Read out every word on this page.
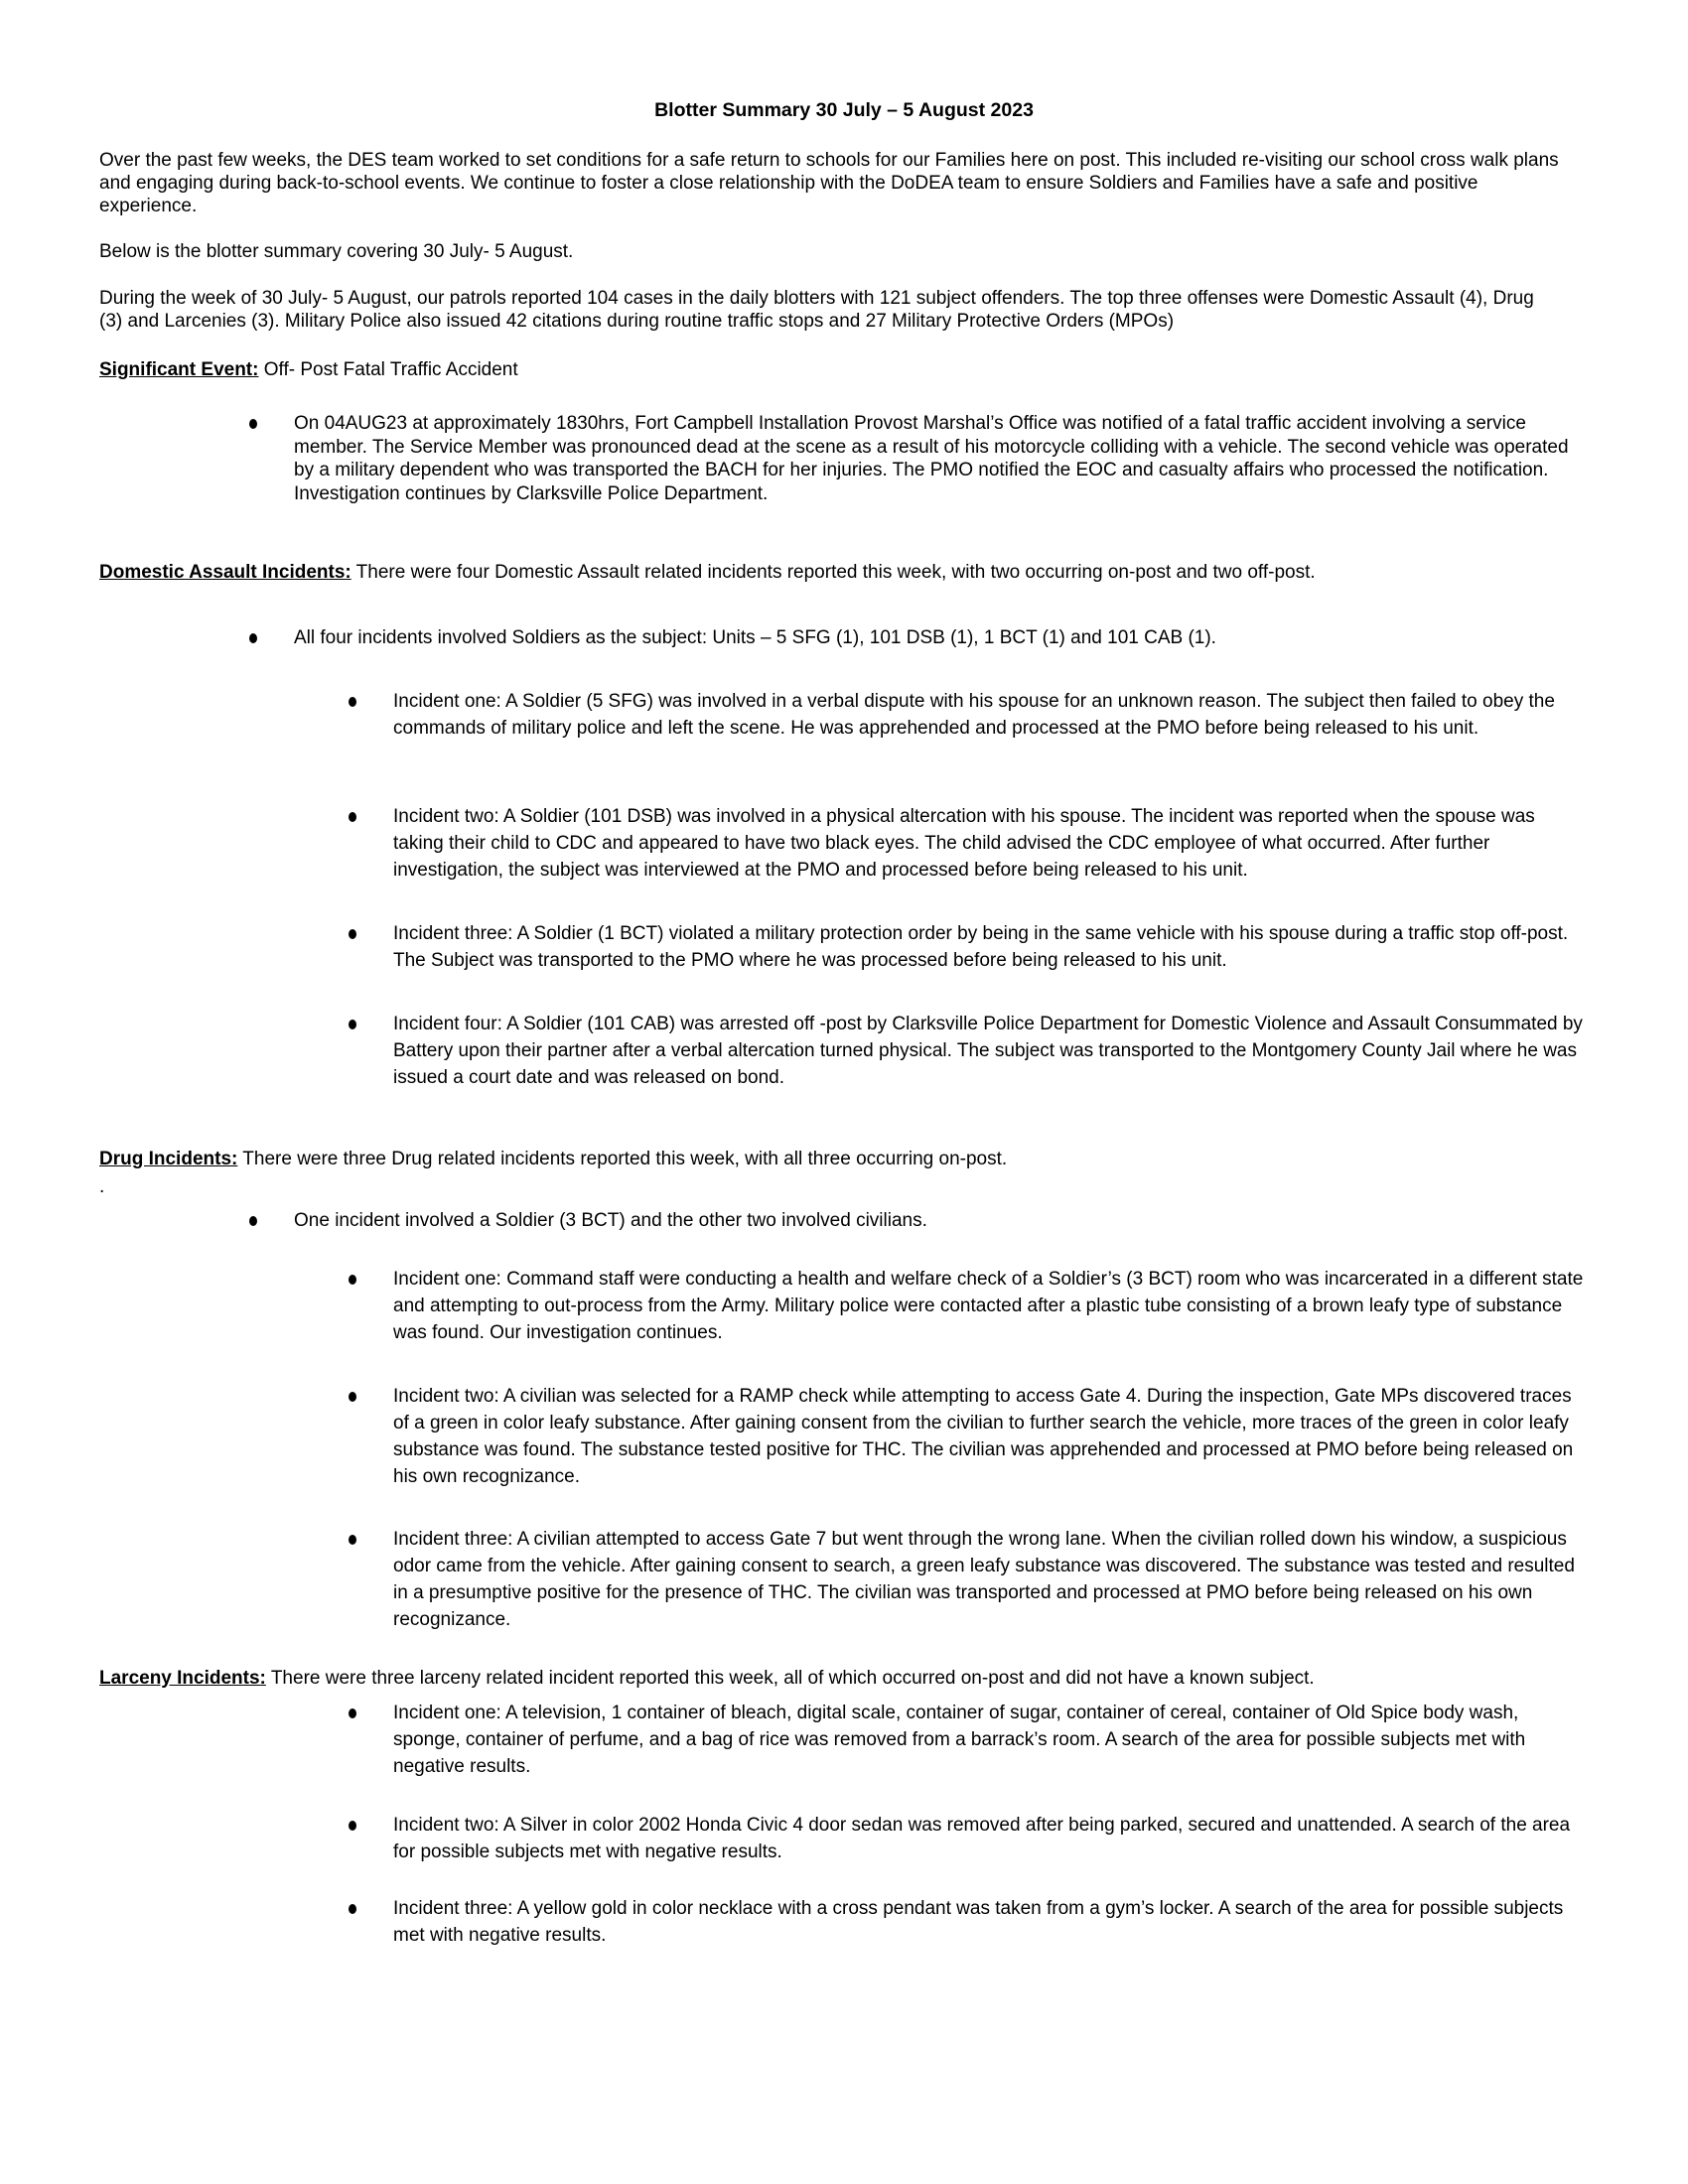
Blotter Summary 30 July – 5 August 2023

Over the past few weeks, the DES team worked to set conditions for a safe return to schools for our Families here on post. This included re-visiting our school cross walk plans and engaging during back-to-school events. We continue to foster a close relationship with the DoDEA team to ensure Soldiers and Families have a safe and positive experience.

Below is the blotter summary covering 30 July- 5 August.

During the week of 30 July- 5 August, our patrols reported 104 cases in the daily blotters with 121 subject offenders. The top three offenses were Domestic Assault (4), Drug (3) and Larcenies (3). Military Police also issued 42 citations during routine traffic stops and 27 Military Protective Orders (MPOs)

Significant Event: Off- Post Fatal Traffic Accident

On 04AUG23 at approximately 1830hrs, Fort Campbell Installation Provost Marshal’s Office was notified of a fatal traffic accident involving a service member. The Service Member was pronounced dead at the scene as a result of his motorcycle colliding with a vehicle. The second vehicle was operated by a military dependent who was transported the BACH for her injuries. The PMO notified the EOC and casualty affairs who processed the notification. Investigation continues by Clarksville Police Department.

Domestic Assault Incidents: There were four Domestic Assault related incidents reported this week, with two occurring on-post and two off-post.

All four incidents involved Soldiers as the subject: Units – 5 SFG (1), 101 DSB (1), 1 BCT (1) and 101 CAB (1).
Incident one: A Soldier (5 SFG) was involved in a verbal dispute with his spouse for an unknown reason. The subject then failed to obey the commands of military police and left the scene. He was apprehended and processed at the PMO before being released to his unit.
Incident two: A Soldier (101 DSB) was involved in a physical altercation with his spouse. The incident was reported when the spouse was taking their child to CDC and appeared to have two black eyes. The child advised the CDC employee of what occurred. After further investigation, the subject was interviewed at the PMO and processed before being released to his unit.
Incident three: A Soldier (1 BCT) violated a military protection order by being in the same vehicle with his spouse during a traffic stop off-post. The Subject was transported to the PMO where he was processed before being released to his unit.
Incident four: A Soldier (101 CAB) was arrested off -post by Clarksville Police Department for Domestic Violence and Assault Consummated by Battery upon their partner after a verbal altercation turned physical. The subject was transported to the Montgomery County Jail where he was issued a court date and was released on bond.

Drug Incidents: There were three Drug related incidents reported this week, with all three occurring on-post.

.

One incident involved a Soldier (3 BCT) and the other two involved civilians.
Incident one: Command staff were conducting a health and welfare check of a Soldier’s (3 BCT) room who was incarcerated in a different state and attempting to out-process from the Army. Military police were contacted after a plastic tube consisting of a brown leafy type of substance was found. Our investigation continues.
Incident two: A civilian was selected for a RAMP check while attempting to access Gate 4. During the inspection, Gate MPs discovered traces of a green in color leafy substance. After gaining consent from the civilian to further search the vehicle, more traces of the green in color leafy substance was found. The substance tested positive for THC. The civilian was apprehended and processed at PMO before being released on his own recognizance.
Incident three: A civilian attempted to access Gate 7 but went through the wrong lane. When the civilian rolled down his window, a suspicious odor came from the vehicle. After gaining consent to search, a green leafy substance was discovered. The substance was tested and resulted in a presumptive positive for the presence of THC. The civilian was transported and processed at PMO before being released on his own recognizance.

Larceny Incidents: There were three larceny related incident reported this week, all of which occurred on-post and did not have a known subject.

Incident one: A television, 1 container of bleach, digital scale, container of sugar, container of cereal, container of Old Spice body wash, sponge, container of perfume, and a bag of rice was removed from a barrack’s room. A search of the area for possible subjects met with negative results.
Incident two: A Silver in color 2002 Honda Civic 4 door sedan was removed after being parked, secured and unattended. A search of the area for possible subjects met with negative results.
Incident three: A yellow gold in color necklace with a cross pendant was taken from a gym’s locker. A search of the area for possible subjects met with negative results.
